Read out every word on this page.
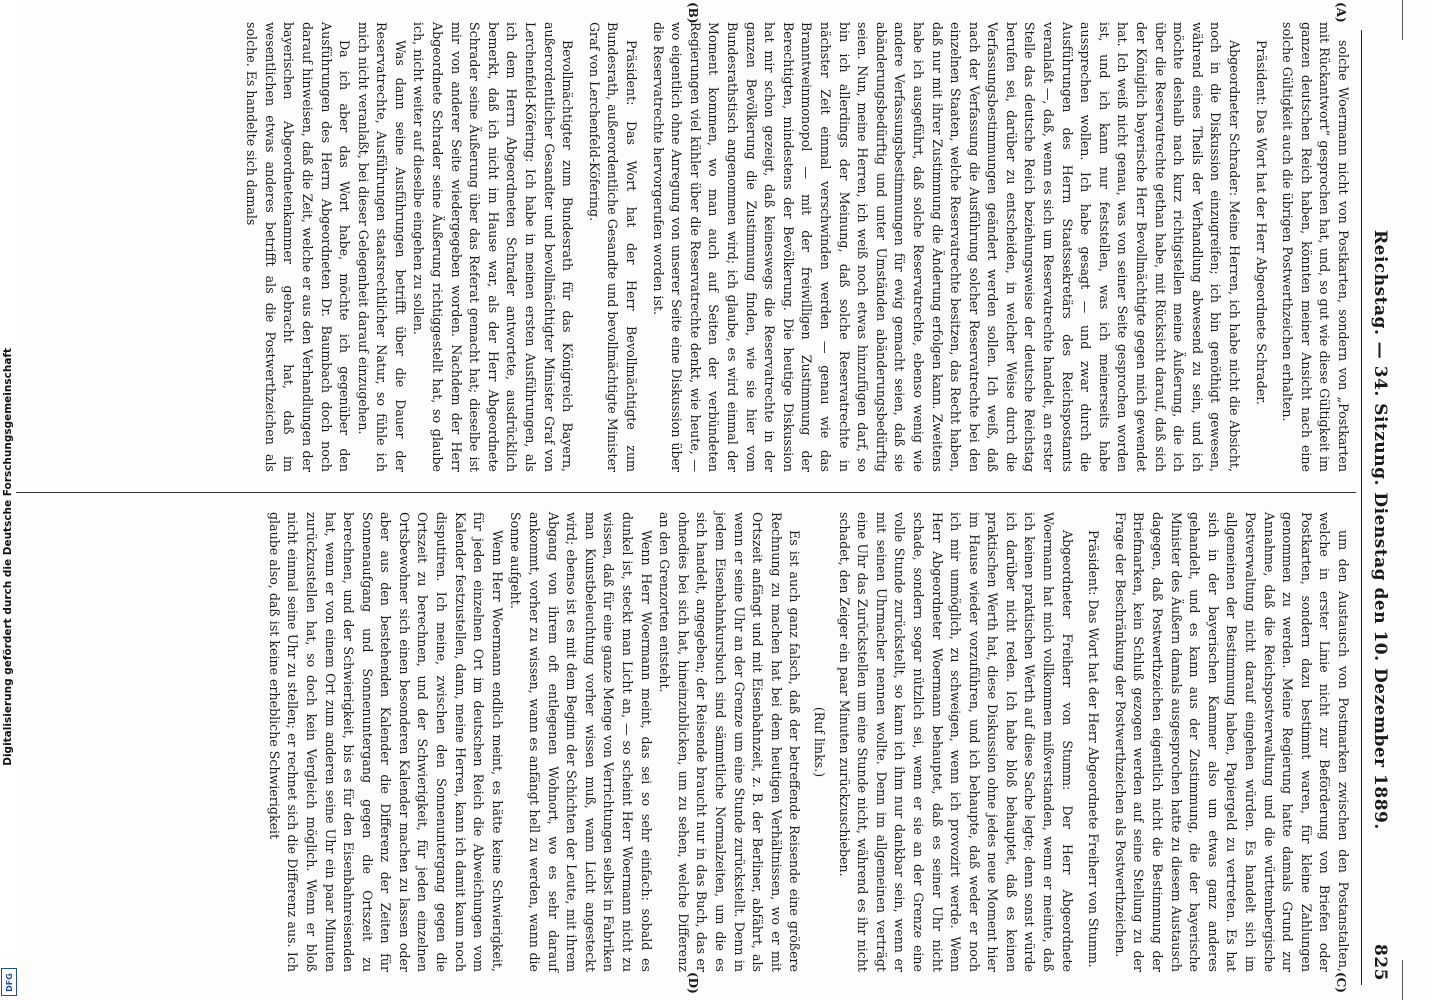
Reichstag. — 34. Sitzung. Dienstag den 10. Dezember 1889.
825
(A)
(B)
(C)
(D)

solche Woermann nicht von Postkarten, sondern von „Postkarten mit Rückantwort“ gesprochen hat, und, so gut wie diese Gültigkeit im ganzen deutschen Reich haben, könnten meiner Ansicht nach eine solche Gültigkeit auch die übrigen Postwerthzeichen erhalten.

Präsident: Das Wort hat der Herr Abgeordnete Schrader.

Abgeordneter Schrader: Meine Herren, ich habe nicht die Absicht, noch in die Diskussion einzugreifen; ich bin genöthigt gewesen, während eines Theils der Verhandlung abwesend zu sein, und ich möchte deshalb nach kurz richtigstellen meine Äußerung, die ich über die Reservatrechte gethan habe, mit Rücksicht darauf, daß sich der Königlich bayerische Herr Bevollmächtigte gegen mich gewendet hat. Ich weiß nicht genau, was von seiner Seite gesprochen worden ist, und ich kann nur feststellen, was ich meinerseits habe aussprechen wollen. Ich habe gesagt — und zwar durch die Ausführungen des Herrn Staatssekretärs des Reichspostamts veranlaßt —, daß, wenn es sich um Reservatrechte handelt, an erster Stelle das deutsche Reich beziehungsweise der deutsche Reichstag berufen sei, darüber zu entscheiden, in welcher Weise durch die Verfassungsbestimmungen geändert werden sollen. Ich weiß, daß nach der Verfassung die Ausführung solcher Reservatrechte bei den einzelnen Staaten, welche Reservatrechte besitzen, das Recht haben, daß nur mit ihrer Zustimmung die Änderung erfolgen kann. Zweitens habe ich ausgeführt, daß solche Reservatrechte, ebenso wenig wie andere Verfassungsbestimmungen für ewig gemacht seien, daß sie abänderungsbedürftig und unter Umständen abänderungsbedürftig seien. Nun, meine Herren, ich weiß noch etwas hinzufügen darf, so bin ich allerdings der Meinung, daß solche Reservatrechte in nächster Zeit einmal verschwinden werden — genau wie das Branntweinmonopol — mit der freiwilligen Zustimmung der Berechtigten, mindestens der Bevölkerung. Die heutige Diskussion hat mir schon gezeigt, daß keineswegs die Reservatrechte in der ganzen Bevölkerung die Zustimmung finden, wie sie hier vom Bundesrathstisch angenommen wird; ich glaube, es wird einmal der Moment kommen, wo man auch auf Seiten der verbündeten Regierungen viel kühler über die Reservatrechte denkt, wie heute, — wo eigentlich ohne Anregung von unserer Seite eine Diskussion über die Reservatrechte hervorgerufen worden ist.

Präsident: Das Wort hat der Herr Bevollmächtigte zum Bundesrath, außerordentliche Gesandte und bevollmächtigte Minister Graf von Lerchenfeld-Köfering.

Bevollmächtigter zum Bundesrath für das Königreich Bayern, außerordentlicher Gesandter und bevollmächtigter Minister Graf von Lerchenfeld-Köfering: Ich habe in meinen ersten Ausführungen, als ich dem Herrn Abgeordneten Schrader antwortete, ausdrücklich bemerkt, daß ich nicht im Hause war, als der Herr Abgeordnete Schrader seine Äußerung über das Referat gemacht hat; dieselbe ist mir von anderer Seite wiedergegeben worden. Nachdem der Herr Abgeordnete Schrader seine Äußerung richtiggestellt hat, so glaube ich, nicht weiter auf dieselbe eingehen zu sollen.

Was dann seine Ausführungen betrifft über die Dauer der Reservatrechte, Ausführungen staatsrechtlicher Natur, so fühle ich mich nicht veranlaßt, bei dieser Gelegenheit darauf einzugehen.

Da ich aber das Wort habe, möchte ich gegenüber den Ausführungen des Herrn Abgeordneten Dr. Baumbach doch noch darauf hinweisen, daß die Zeit, welche er aus den Verhandlungen der bayerischen Abgeordnetenkammer gebracht hat, daß im wesentlichen etwas anderes betrifft als die Postwerthzeichen als solche. Es handelte sich damals

um den Austausch von Postmarken zwischen den Postanstalten, welche in erster Linie nicht zur Beförderung von Briefen oder Postkarten, sondern dazu bestimmt waren, für kleine Zahlungen genommen zu werden. Meine Regierung hatte damals Grund zur Annahme, daß die Reichspostverwaltung und die württembergische Postverwaltung nicht darauf eingehen würden. Es handelt sich im allgemeinen der Bestimmung haben, Papiergeld zu vertreten. Es hat sich in der bayerischen Kammer also um etwas ganz anderes gehandelt, und es kann aus der Zustimmung, die der bayerische Minister des Äußern damals ausgesprochen hatte zu diesem Austausch dagegen, daß Postwerthzeichen eigentlich nicht die Bestimmung der Briefmarken, kein Schluß gezogen werden auf seine Stellung zu der Frage der Beschränkung der Postwerthzeichen als Postwerthzeichen.

Präsident: Das Wort hat der Herr Abgeordnete Freiherr von Stumm.

Abgeordneter Freiherr von Stumm: Der Herr Abgeordnete Woermann hat mich vollkommen mißverstanden, wenn er meinte, daß ich keinen praktischen Werth auf diese Sache legte; denn sonst würde ich darüber nicht reden. Ich habe bloß behauptet, daß es keinen praktischen Werth hat, diese Diskussion ohne jedes neue Moment hier im Hause wieder vorzuführen, und ich behaupte, daß weder er noch ich mir unmöglich, zu schweigen, wenn ich provozirt werde. Wenn Herr Abgeordneter Woermann behauptet, daß es seiner Uhr nicht schade, sondern sogar nützlich sei, wenn er sie an der Grenze eine volle Stunde zurückstellt, so kann ich ihm nur dankbar sein, wenn er mit seinen Uhrmacher nennen wollte. Denn im allgemeinen verträgt eine Uhr das Zurückstellen um eine Stunde nicht, während es ihr nicht schadet, den Zeiger ein paar Minuten zurückzuschieben.

(Ruf links.)

Es ist auch ganz falsch, daß der betreffende Reisende eine größere Rechnung zu machen hat bei dem heutigen Verhältnissen, wo er mit Ortszeit anfängt und mit Eisenbahnzeit, z. B. der Berliner, abfährt, als wenn er seine Uhr an der Grenze um eine Stunde zurückstellt. Denn in jedem Eisenbahnkursbuch sind sämmtliche Normalzeiten, um die es sich handelt, angegeben; der Reisende braucht nur in das Buch, das er ohnedies bei sich hat, hineinzublicken, um zu sehen, welche Differenz an den Grenzorten entsteht.

Wenn Herr Woermann meint, das sei so sehr einfach: sobald es dunkel ist, steckt man Licht an, — so scheint Herr Woermann nicht zu wissen, daß für eine ganze Menge von Verrichtungen selbst in Fabriken man Kunstbeleuchtung vorher wissen muß, wann Licht angesteckt wird; ebenso ist es mit dem Beginn der Schichten der Leute, mit ihrem Abgang von ihrem oft entlegenen Wohnort, wo es sehr darauf ankommt, vorher zu wissen, wann es anfängt hell zu werden, wann die Sonne aufgeht.

Wenn Herr Woermann endlich meint, es hätte keine Schwierigkeit, für jeden einzelnen Ort im deutschen Reich die Abweichungen vom Kalender festzustellen, dann, meine Herren, kann ich damit kaum noch disputiren. Ich meine, zwischen den Sonnenuntergang gegen die Ortszeit zu berechnen, und der Schwierigkeit, für jeden einzelnen Ortsbewohner sich einen besonderen Kalender machen zu lassen oder aber aus den bestehenden Kalender die Differenz der Zeiten für Sonnenaufgang und Sonnenuntergang gegen die Ortszeit zu berechnen, und der Schwierigkeit, bis es für den Eisenbahnreisenden hat, wenn er von einem Ort zum anderen seine Uhr ein paar Minuten zurückzustellen hat, so doch kein Vergleich möglich. Wenn er bloß nicht einmal seine Uhr zu stellen; er rechnet sich die Differenz aus. Ich glaube also, daß ist keine erhebliche Schwierigkeit

Digitalisierung gefördert durch die Deutsche Forschungsgemeinschaft
DFG
